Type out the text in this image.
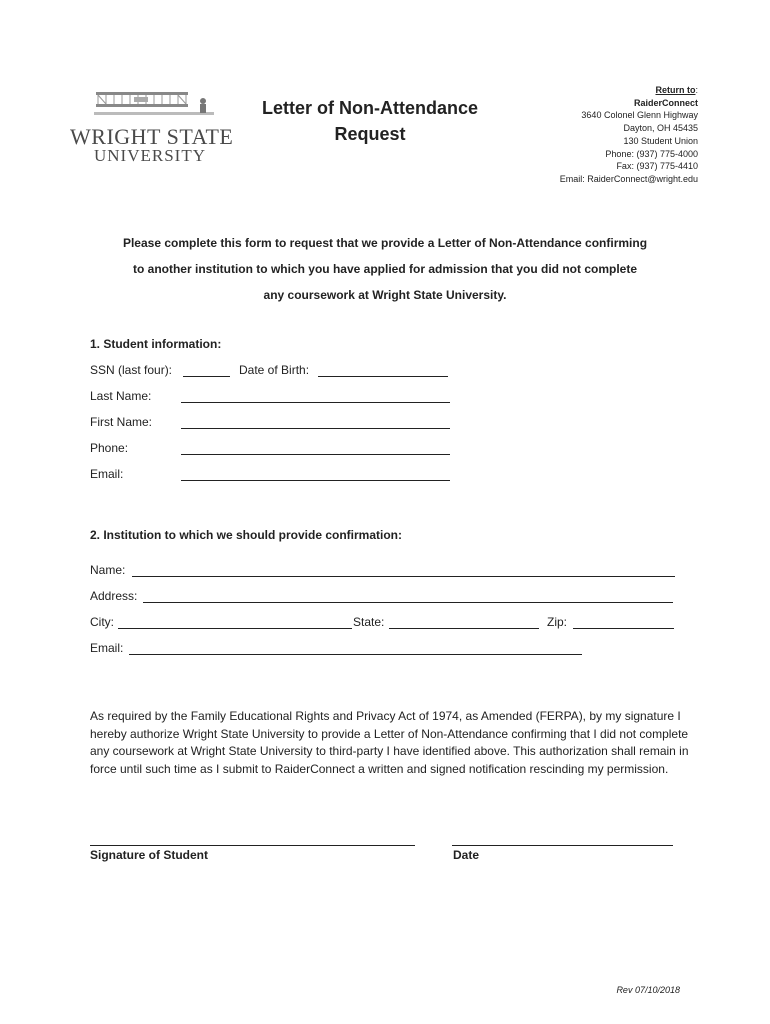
WRIGHT STATE
UNIVERSITY
Letter of Non-Attendance
Request
Return to:
RaiderConnect
3640 Colonel Glenn Highway
Dayton, OH 45435
130 Student Union
Phone: (937) 775-4000
Fax: (937) 775-4410
Email: RaiderConnect@wright.edu
Please complete this form to request that we provide a Letter of Non-Attendance confirming
to another institution to which you have applied for admission that you did not complete
any coursework at Wright State University.
1. Student information:
SSN (last four):	Date of Birth:
Last Name:
First Name:
Phone:
Email:
2. Institution to which we should provide confirmation:
Name:
Address:
City:	State:	Zip:
Email:
As required by the Family Educational Rights and Privacy Act of 1974, as Amended (FERPA), by my signature I hereby authorize Wright State University to provide a Letter of Non-Attendance confirming that I did not complete any coursework at Wright State University to third-party I have identified above. This authorization shall remain in force until such time as I submit to RaiderConnect a written and signed notification rescinding my permission.
Signature of Student	Date
Rev 07/10/2018
